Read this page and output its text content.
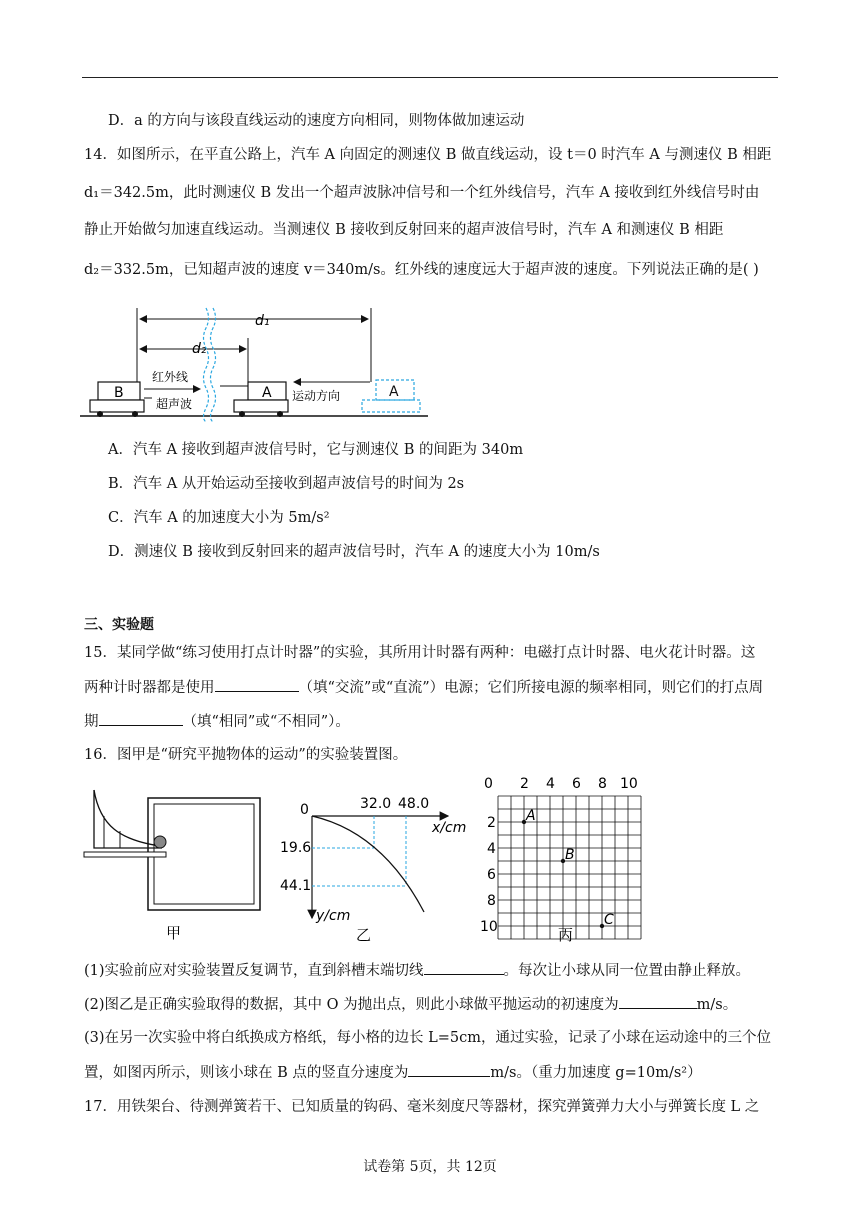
D．a 的方向与该段直线运动的速度方向相同，则物体做加速运动
14．如图所示，在平直公路上，汽车 A 向固定的测速仪 B 做直线运动，设 t＝0 时汽车 A 与测速仪 B 相距
d₁＝342.5m，此时测速仪 B 发出一个超声波脉冲信号和一个红外线信号，汽车 A 接收到红外线信号时由
静止开始做匀加速直线运动。当测速仪 B 接收到反射回来的超声波信号时，汽车 A 和测速仪 B 相距
d₂＝332.5m，已知超声波的速度 v＝340m/s。红外线的速度远大于超声波的速度。下列说法正确的是( )
d₁
d₂
B
红外线
超声波
A 运动方向	A
A．汽车 A 接收到超声波信号时，它与测速仪 B 的间距为 340m
B．汽车 A 从开始运动至接收到超声波信号的时间为 2s
C．汽车 A 的加速度大小为 5m/s²
D．测速仪 B 接收到反射回来的超声波信号时，汽车 A 的速度大小为 10m/s
三、实验题
15．某同学做“练习使用打点计时器”的实验，其所用计时器有两种：电磁打点计时器、电火花计时器。这
两种计时器都是使用	（填“交流”或“直流”）电源；它们所接电源的频率相同，则它们的打点周
期	（填“相同”或“不相同”）。
16．图甲是“研究平抛物体的运动”的实验装置图。
甲
0	32.0 48.0
x/cm
19.6
44.1
y/cm
乙
0 2 4 6 8 10
2
4
6
8
10
A
B
C
丙
(1)实验前应对实验装置反复调节，直到斜槽末端切线	。每次让小球从同一位置由静止释放。
(2)图乙是正确实验取得的数据，其中 O 为抛出点，则此小球做平抛运动的初速度为	m/s。
(3)在另一次实验中将白纸换成方格纸，每小格的边长 L=5cm，通过实验，记录了小球在运动途中的三个位
置，如图丙所示，则该小球在 B 点的竖直分速度为	m/s。（重力加速度 g=10m/s²）
17．用铁架台、待测弹簧若干、已知质量的钩码、毫米刻度尺等器材，探究弹簧弹力大小与弹簧长度 L 之
试卷第 5页，共 12页
